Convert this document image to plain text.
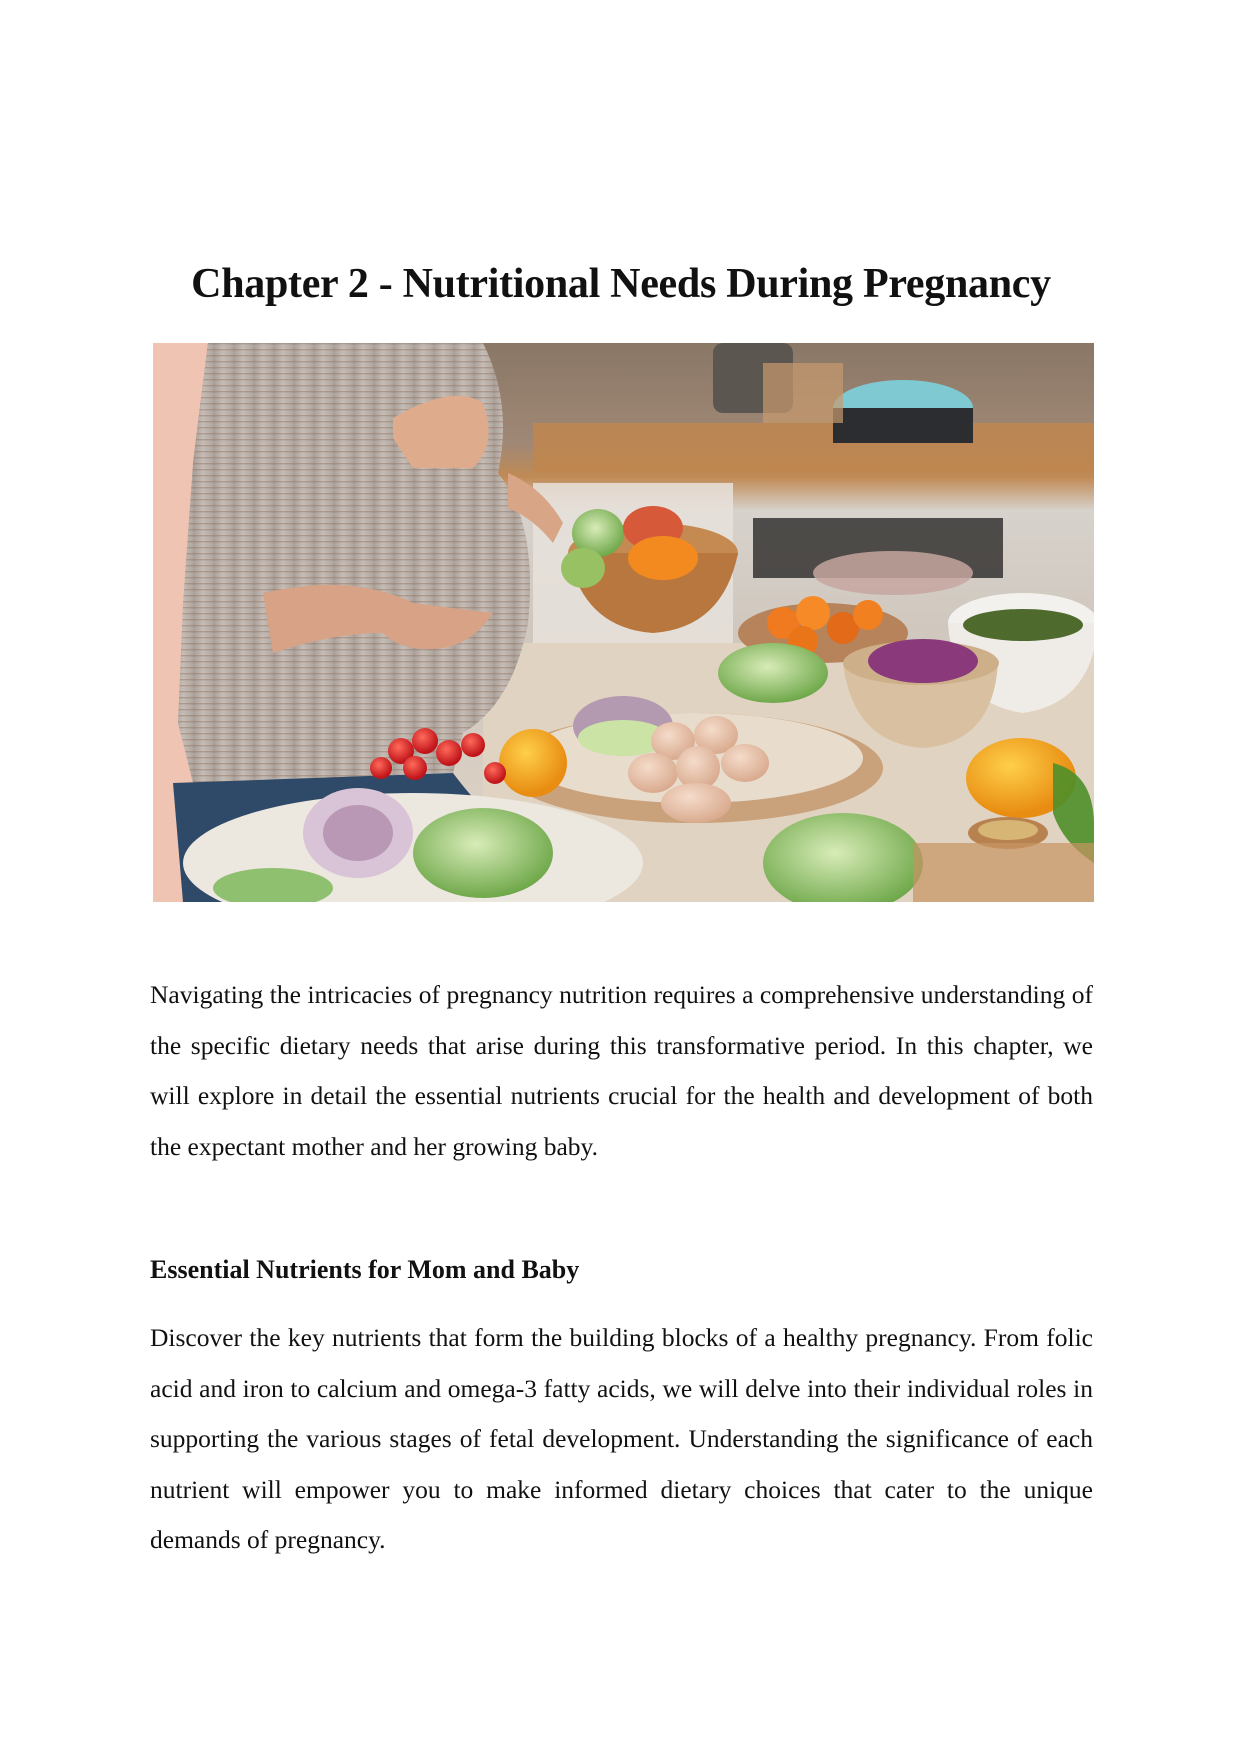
Chapter 2 - Nutritional Needs During Pregnancy

Navigating the intricacies of pregnancy nutrition requires a comprehensive understanding of the specific dietary needs that arise during this transformative period. In this chapter, we will explore in detail the essential nutrients crucial for the health and development of both the expectant mother and her growing baby.

Essential Nutrients for Mom and Baby

Discover the key nutrients that form the building blocks of a healthy pregnancy. From folic acid and iron to calcium and omega-3 fatty acids, we will delve into their individual roles in supporting the various stages of fetal development. Understanding the significance of each nutrient will empower you to make informed dietary choices that cater to the unique demands of pregnancy.
